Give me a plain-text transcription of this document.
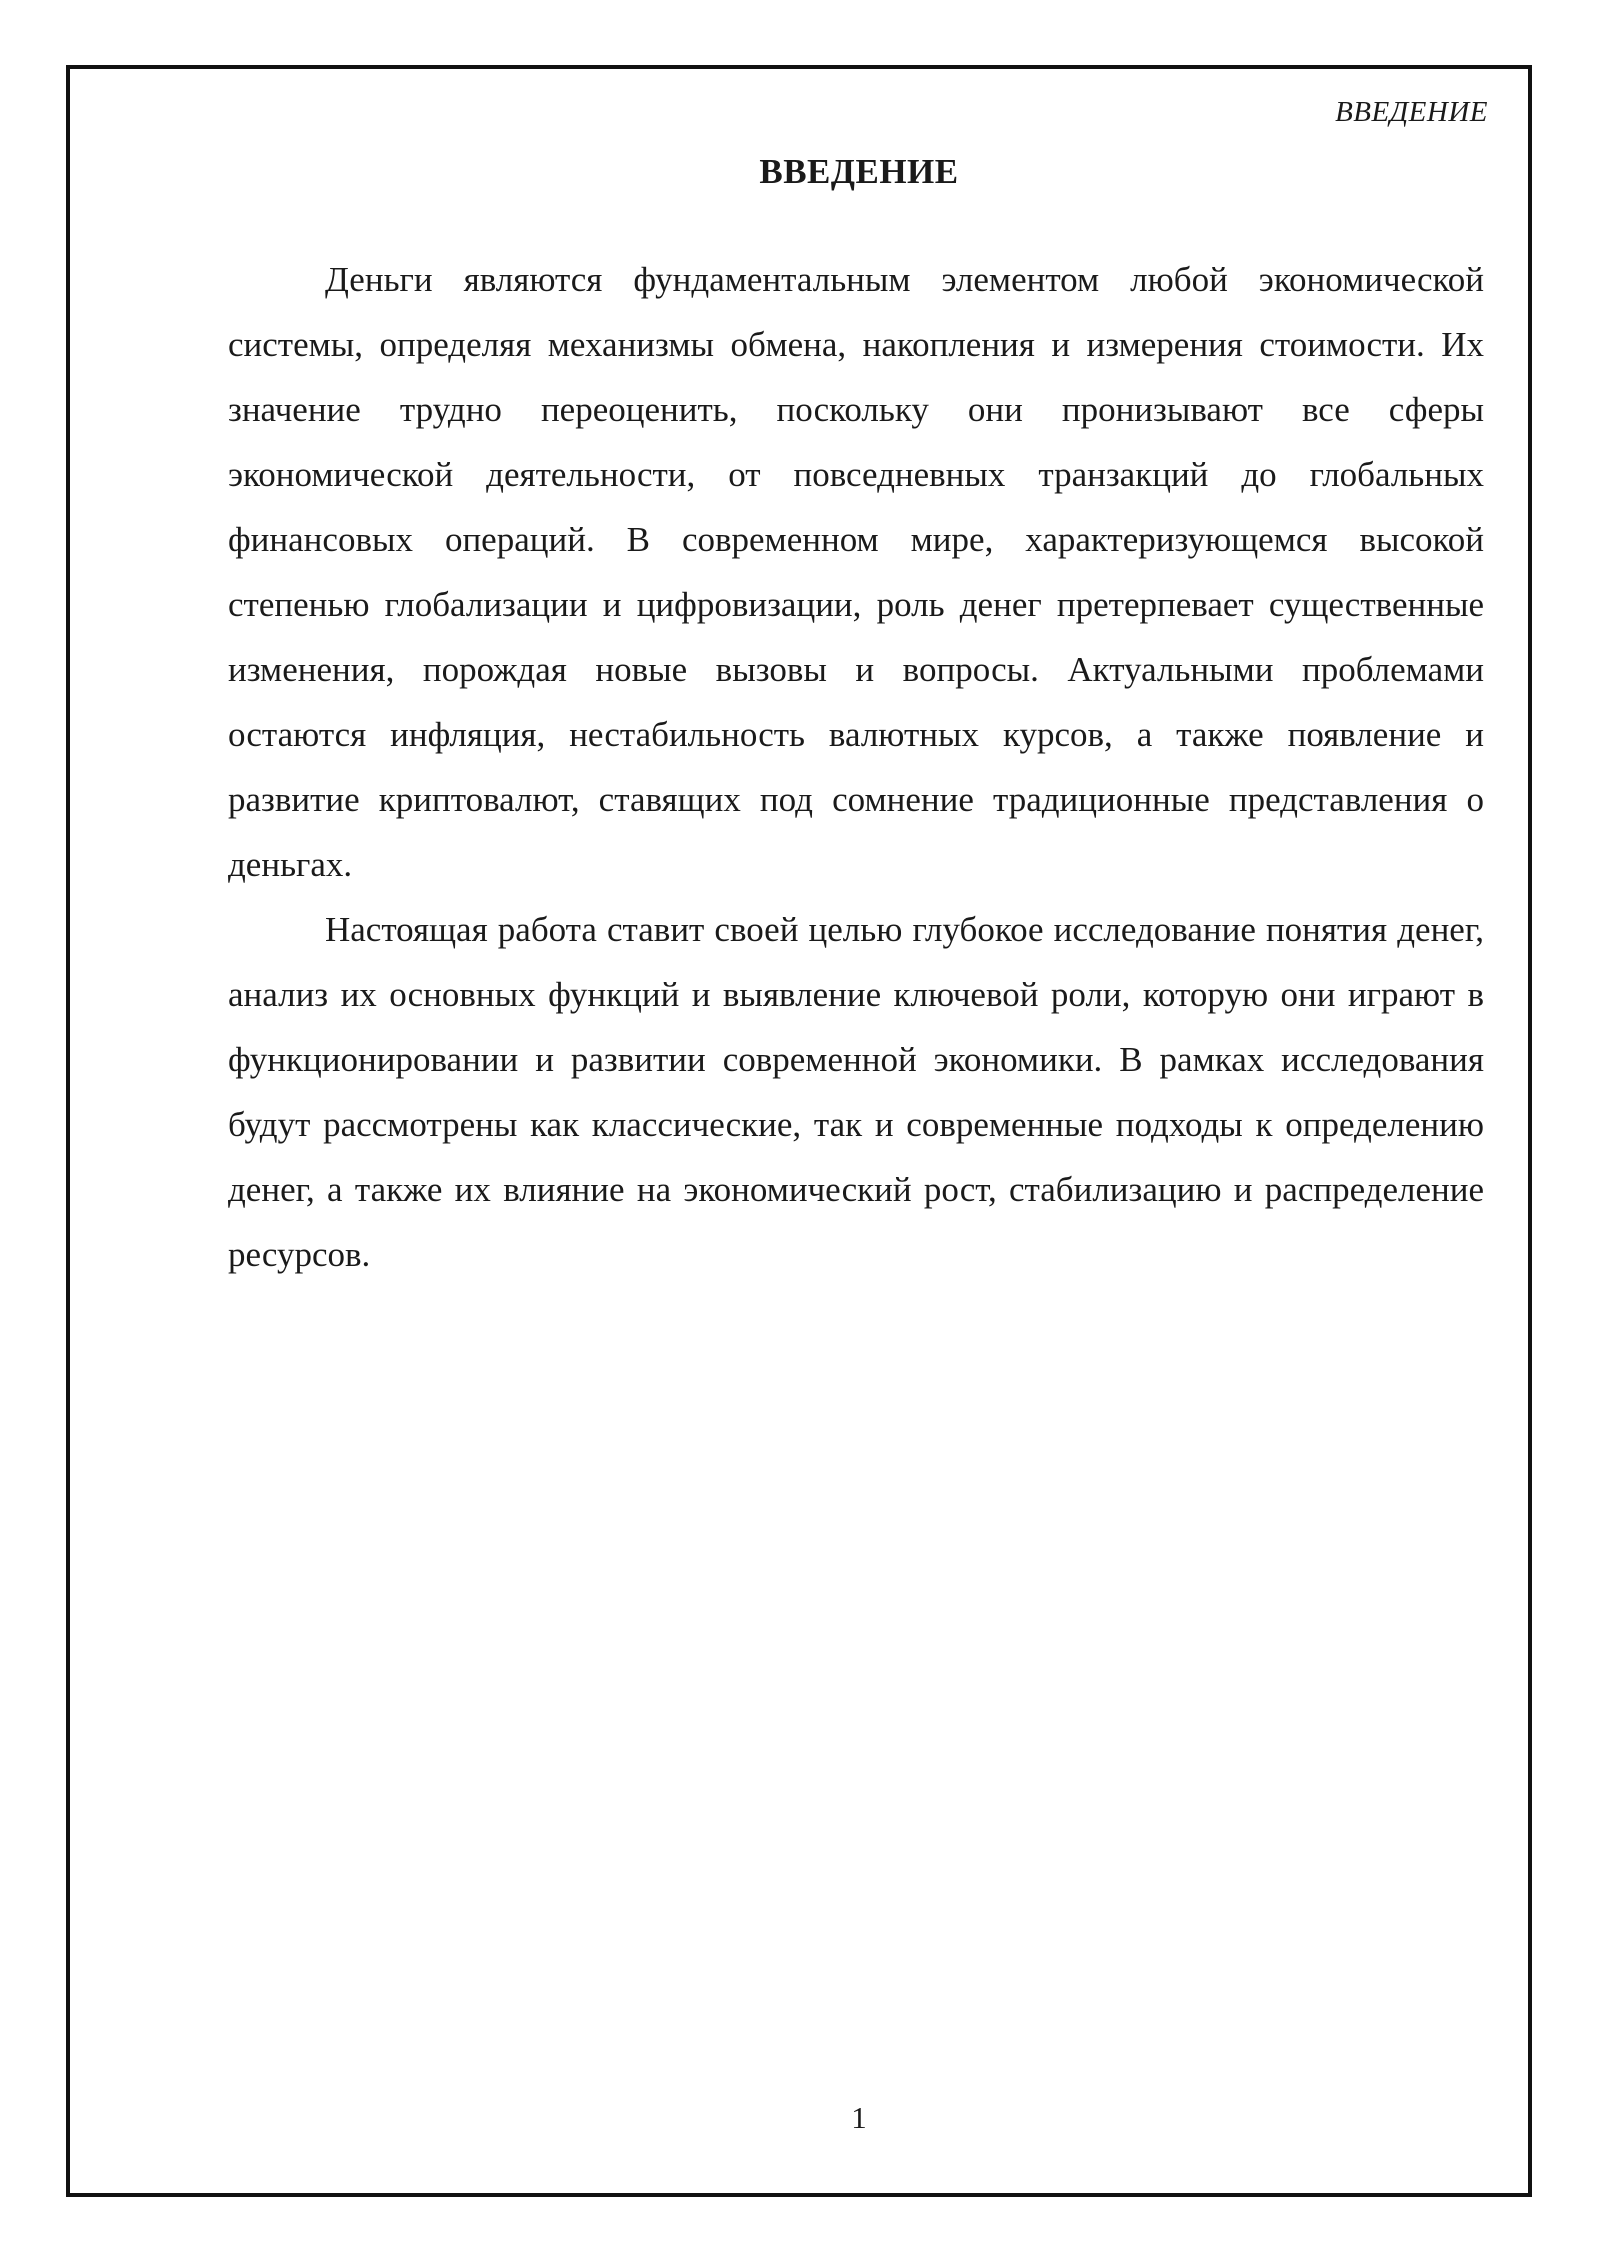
ВВЕДЕНИЕ
ВВЕДЕНИЕ

Деньги являются фундаментальным элементом любой экономической системы, определяя механизмы обмена, накопления и измерения стоимости. Их значение трудно переоценить, поскольку они пронизывают все сферы экономической деятельности, от повседневных транзакций до глобальных финансовых операций. В современном мире, характеризующемся высокой степенью глобализации и цифровизации, роль денег претерпевает существенные изменения, порождая новые вызовы и вопросы. Актуальными проблемами остаются инфляция, нестабильность валютных курсов, а также появление и развитие криптовалют, ставящих под сомнение традиционные представления о деньгах.

Настоящая работа ставит своей целью глубокое исследование понятия денег, анализ их основных функций и выявление ключевой роли, которую они играют в функционировании и развитии современной экономики. В рамках исследования будут рассмотрены как классические, так и современные подходы к определению денег, а также их влияние на экономический рост, стабилизацию и распределение ресурсов.

1
